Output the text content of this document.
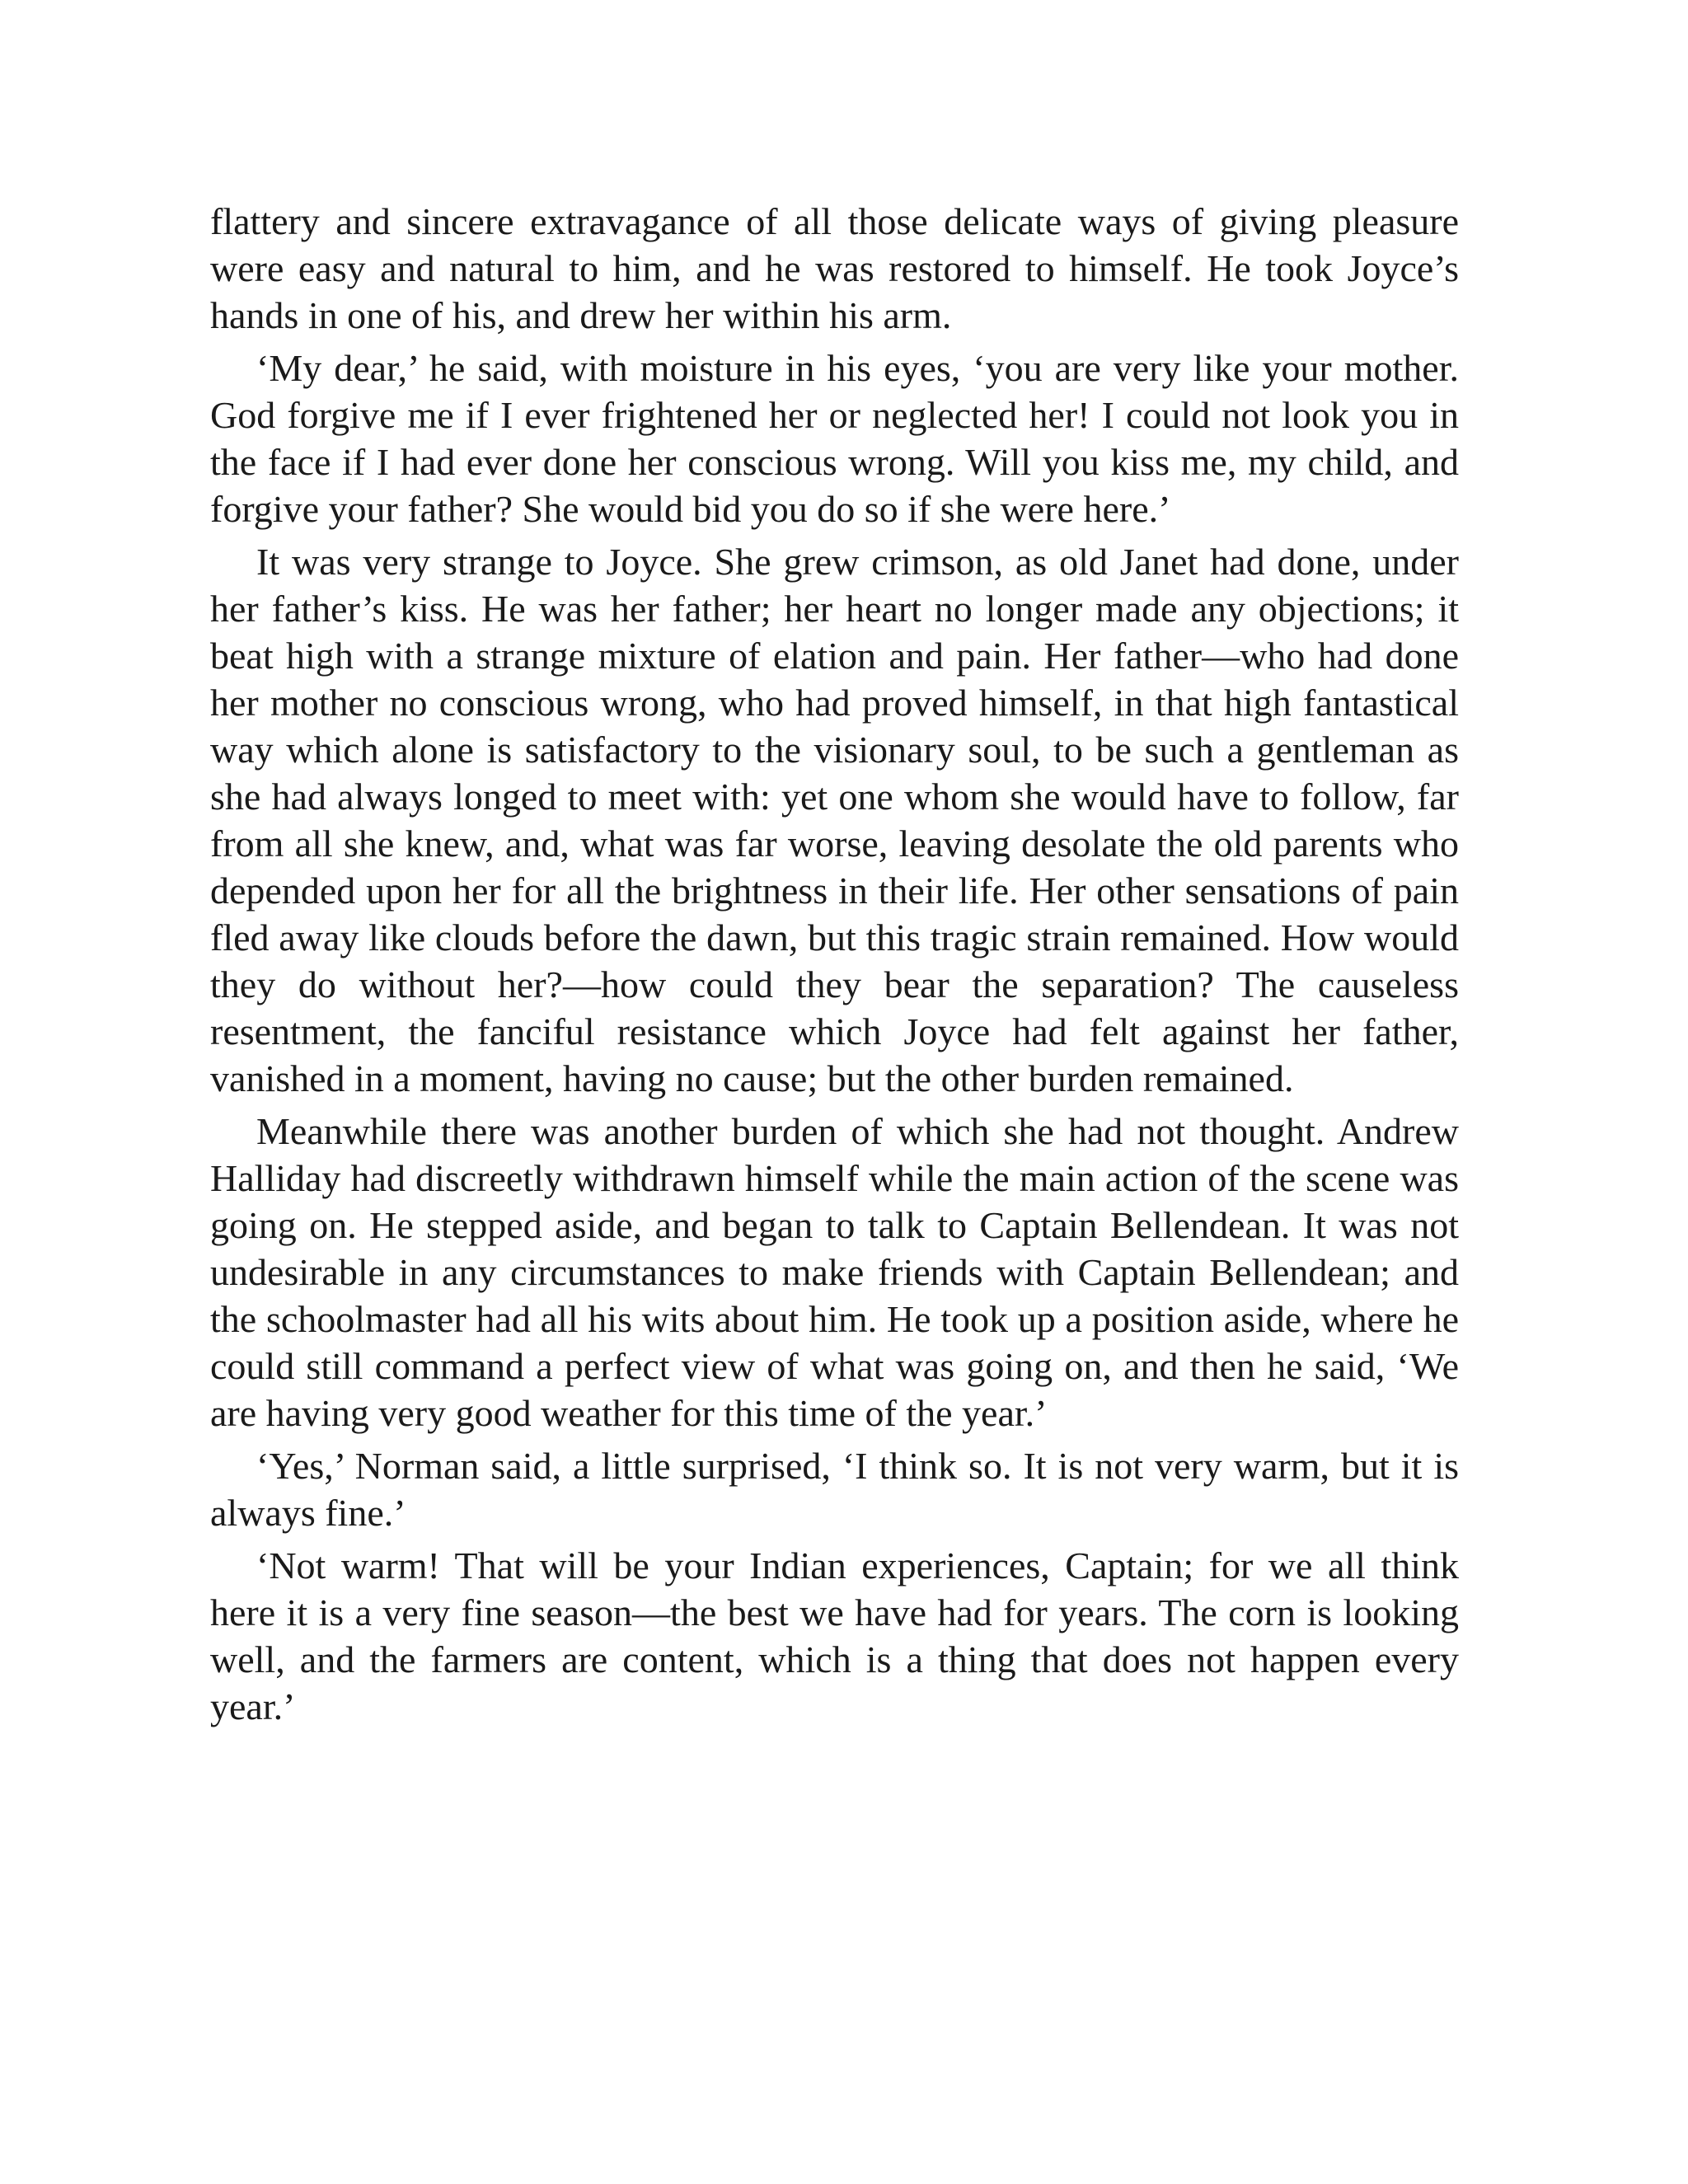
flattery and sincere extravagance of all those delicate ways of giving pleasure were easy and natural to him, and he was restored to himself. He took Joyce’s hands in one of his, and drew her within his arm.

‘My dear,’ he said, with moisture in his eyes, ‘you are very like your mother. God forgive me if I ever frightened her or neglected her! I could not look you in the face if I had ever done her conscious wrong. Will you kiss me, my child, and forgive your father? She would bid you do so if she were here.’

It was very strange to Joyce. She grew crimson, as old Janet had done, under her father’s kiss. He was her father; her heart no longer made any objections; it beat high with a strange mixture of elation and pain. Her father—who had done her mother no conscious wrong, who had proved himself, in that high fantastical way which alone is satisfactory to the visionary soul, to be such a gentleman as she had always longed to meet with: yet one whom she would have to follow, far from all she knew, and, what was far worse, leaving desolate the old parents who depended upon her for all the brightness in their life. Her other sensations of pain fled away like clouds before the dawn, but this tragic strain remained. How would they do without her?—how could they bear the separation? The causeless resentment, the fanciful resistance which Joyce had felt against her father, vanished in a moment, having no cause; but the other burden remained.

Meanwhile there was another burden of which she had not thought. Andrew Halliday had discreetly withdrawn himself while the main action of the scene was going on. He stepped aside, and began to talk to Captain Bellendean. It was not undesirable in any circumstances to make friends with Captain Bellendean; and the schoolmaster had all his wits about him. He took up a position aside, where he could still command a perfect view of what was going on, and then he said, ‘We are having very good weather for this time of the year.’

‘Yes,’ Norman said, a little surprised, ‘I think so. It is not very warm, but it is always fine.’

‘Not warm! That will be your Indian experiences, Captain; for we all think here it is a very fine season—the best we have had for years. The corn is looking well, and the farmers are content, which is a thing that does not happen every year.’
